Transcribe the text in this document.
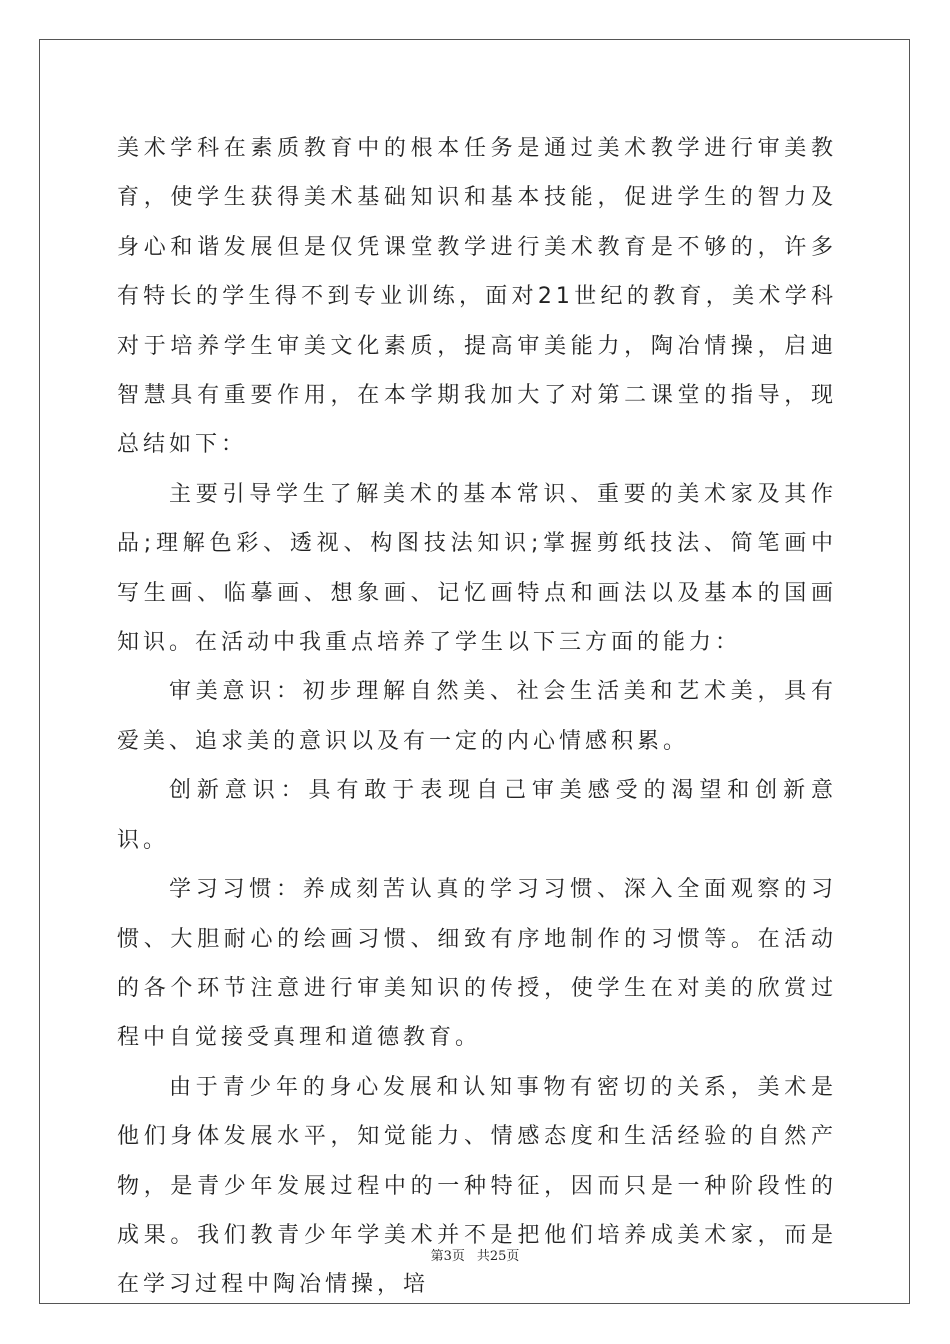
美术学科在素质教育中的根本任务是通过美术教学进行审美教育，使学生获得美术基础知识和基本技能，促进学生的智力及身心和谐发展但是仅凭课堂教学进行美术教育是不够的，许多有特长的学生得不到专业训练，面对21世纪的教育，美术学科对于培养学生审美文化素质，提高审美能力，陶冶情操，启迪智慧具有重要作用，在本学期我加大了对第二课堂的指导，现总结如下：

主要引导学生了解美术的基本常识、重要的美术家及其作品;理解色彩、透视、构图技法知识;掌握剪纸技法、简笔画中写生画、临摹画、想象画、记忆画特点和画法以及基本的国画知识。在活动中我重点培养了学生以下三方面的能力：

审美意识：初步理解自然美、社会生活美和艺术美，具有爱美、追求美的意识以及有一定的内心情感积累。

创新意识：具有敢于表现自己审美感受的渴望和创新意识。

学习习惯：养成刻苦认真的学习习惯、深入全面观察的习惯、大胆耐心的绘画习惯、细致有序地制作的习惯等。在活动的各个环节注意进行审美知识的传授，使学生在对美的欣赏过程中自觉接受真理和道德教育。

由于青少年的身心发展和认知事物有密切的关系，美术是他们身体发展水平，知觉能力、情感态度和生活经验的自然产物，是青少年发展过程中的一种特征，因而只是一种阶段性的成果。我们教青少年学美术并不是把他们培养成美术家，而是在学习过程中陶冶情操，培

第3页 共25页
